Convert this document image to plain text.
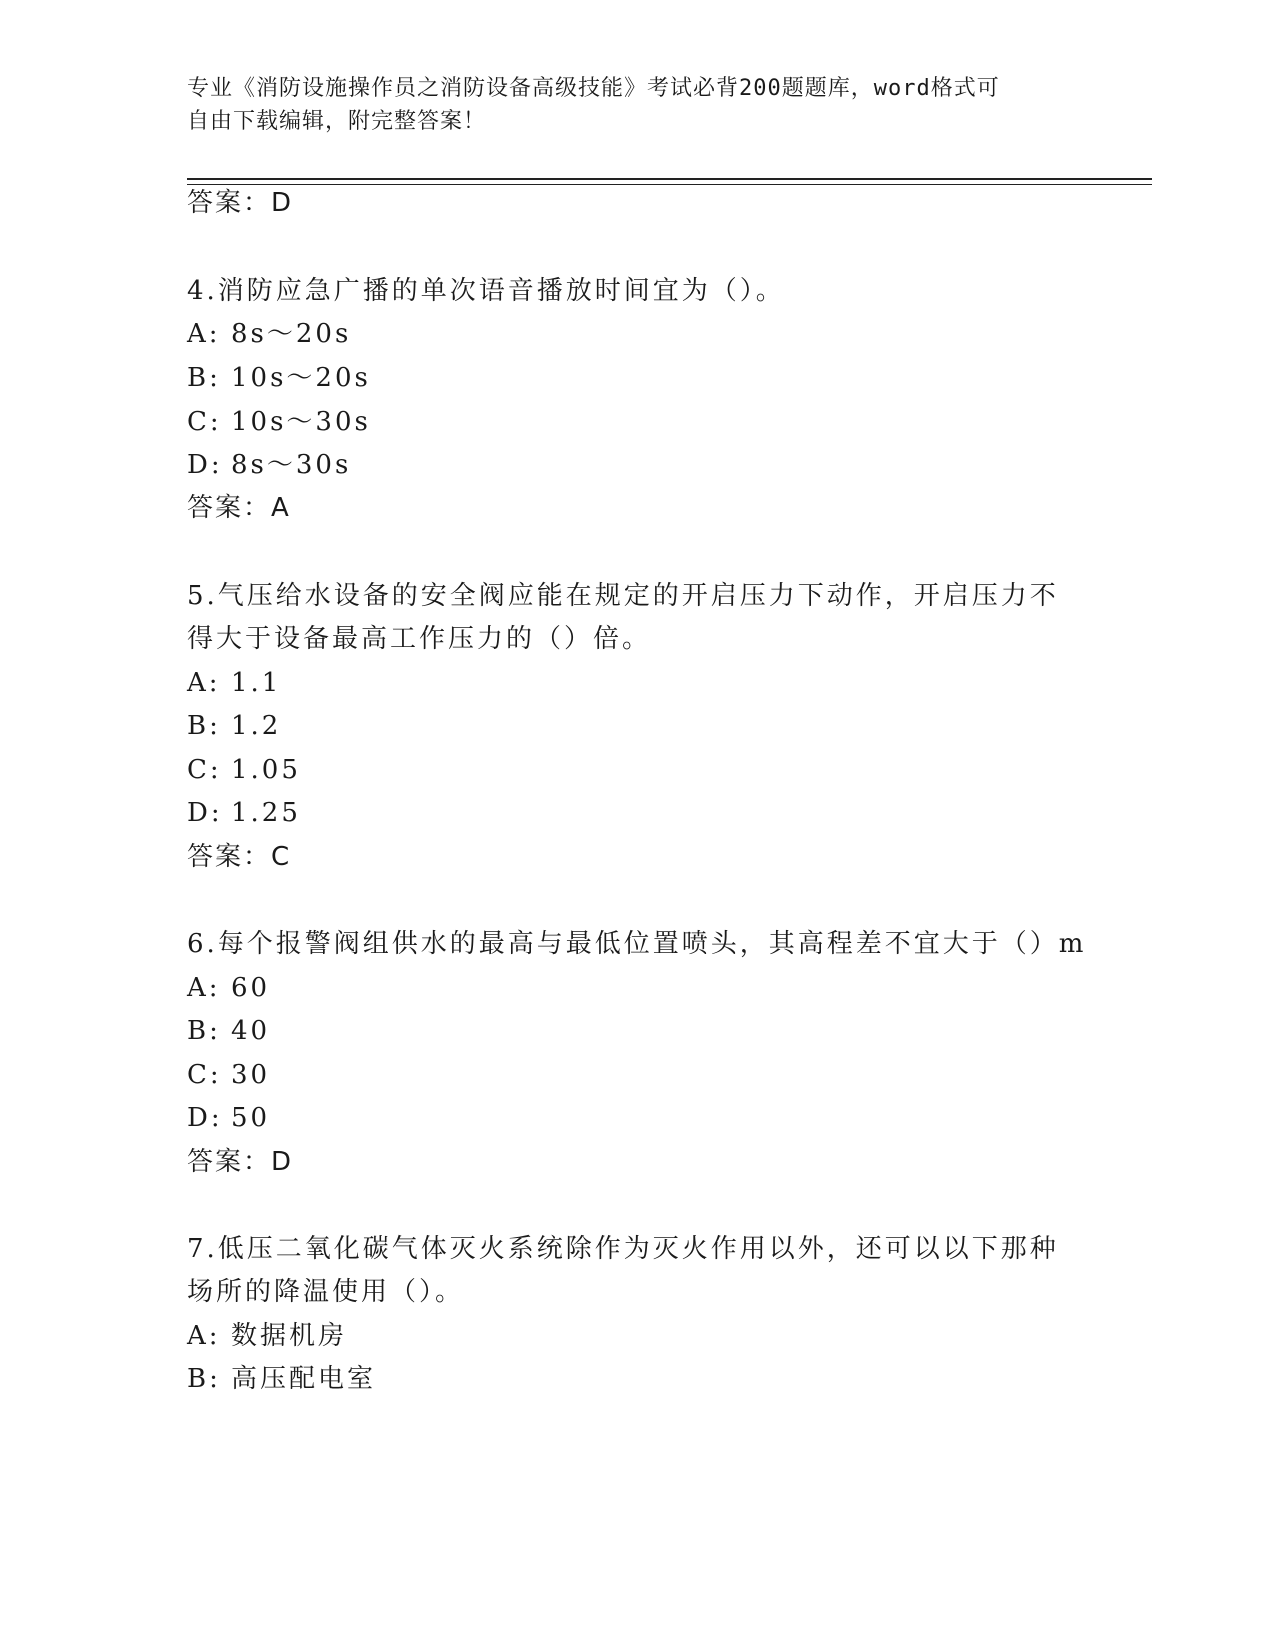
专业《消防设施操作员之消防设备高级技能》考试必背200题题库，word格式可
自由下载编辑，附完整答案！
答案：D
4.消防应急广播的单次语音播放时间宜为（）。
A: 8s～20s
B: 10s～20s
C: 10s～30s
D: 8s～30s
答案：A
5.气压给水设备的安全阀应能在规定的开启压力下动作，开启压力不
得大于设备最高工作压力的（）倍。
A: 1.1
B: 1.2
C: 1.05
D: 1.25
答案：C
6.每个报警阀组供水的最高与最低位置喷头，其高程差不宜大于（）m
A: 60
B: 40
C: 30
D: 50
答案：D
7.低压二氧化碳气体灭火系统除作为灭火作用以外，还可以以下那种
场所的降温使用（）。
A: 数据机房
B: 高压配电室
